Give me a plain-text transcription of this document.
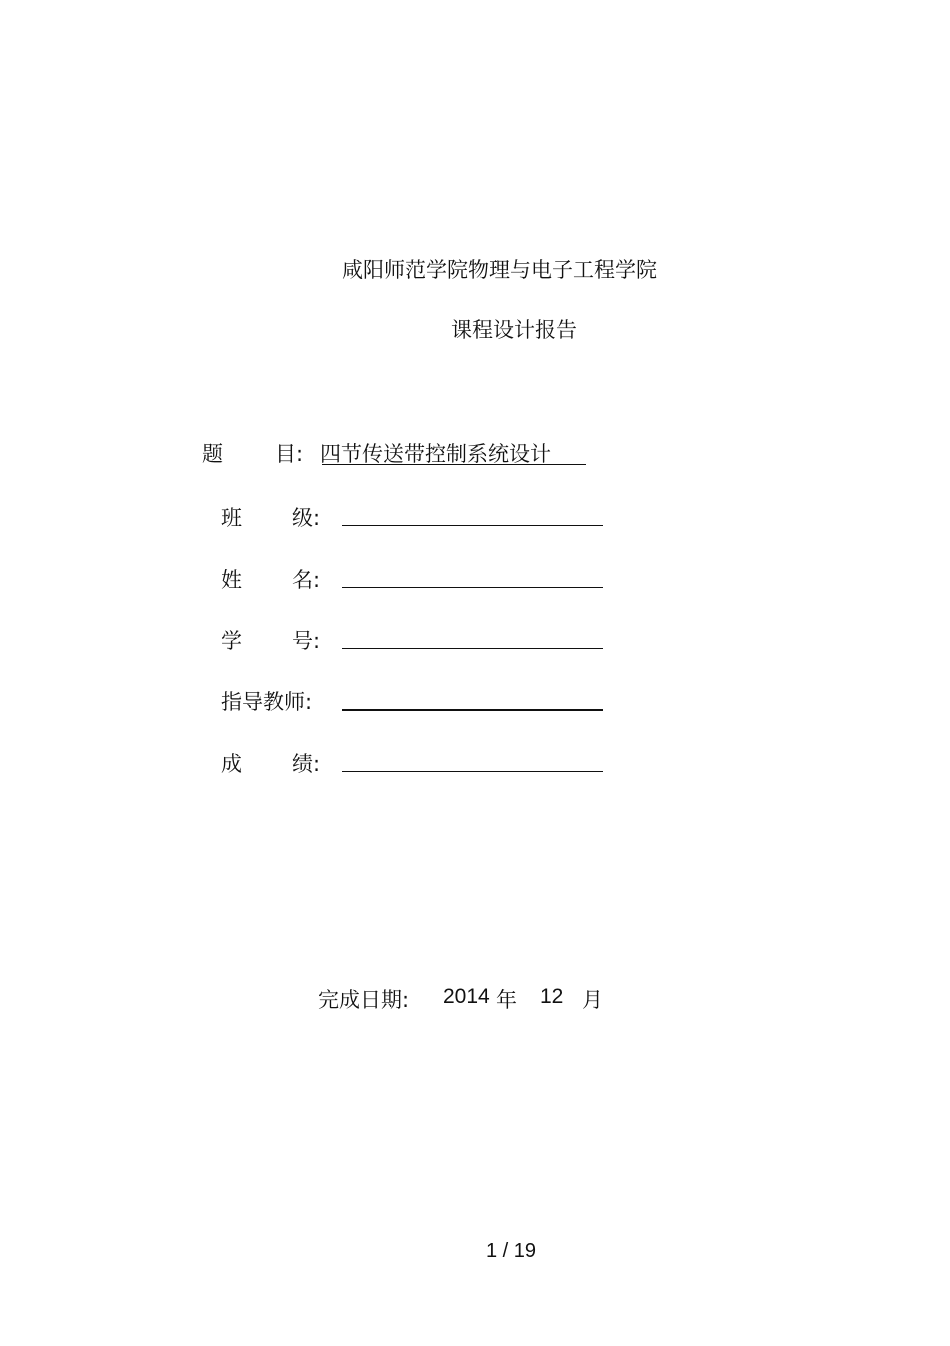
咸阳师范学院物理与电子工程学院
课程设计报告
题 目: 四节传送带控制系统设计
班 级:
姓 名:
学 号:
指导教师:
成 绩:
完成日期: 2014 年 12 月
1 / 19
